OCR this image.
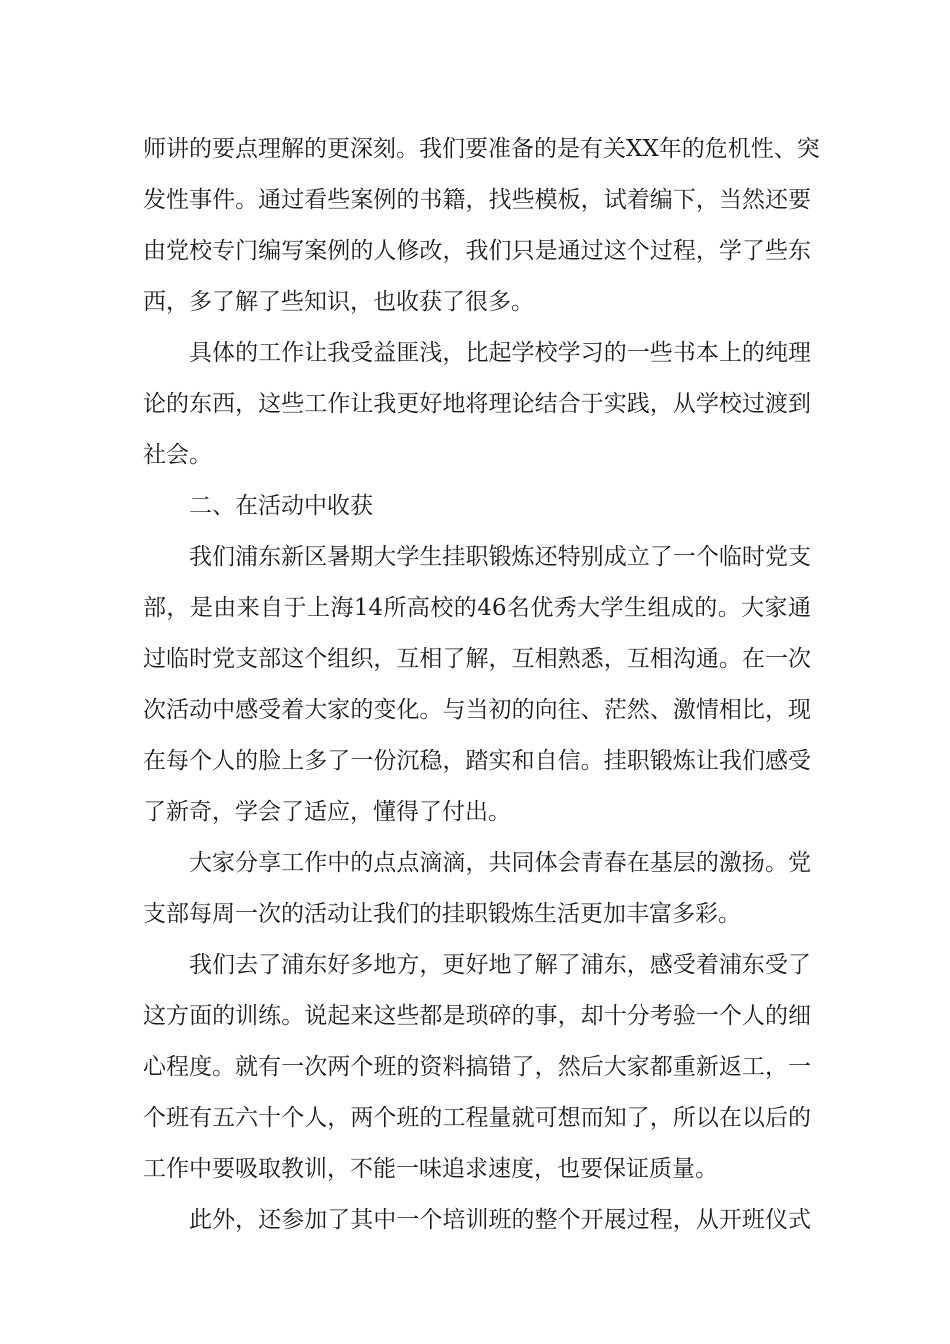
师讲的要点理解的更深刻。我们要准备的是有关XX年的危机性、突
发性事件。通过看些案例的书籍，找些模板，试着编下，当然还要
由党校专门编写案例的人修改，我们只是通过这个过程，学了些东
西，多了解了些知识，也收获了很多。
具体的工作让我受益匪浅，比起学校学习的一些书本上的纯理
论的东西，这些工作让我更好地将理论结合于实践，从学校过渡到
社会。
二、在活动中收获
我们浦东新区暑期大学生挂职锻炼还特别成立了一个临时党支
部，是由来自于上海14所高校的46名优秀大学生组成的。大家通
过临时党支部这个组织，互相了解，互相熟悉，互相沟通。在一次
次活动中感受着大家的变化。与当初的向往、茫然、激情相比，现
在每个人的脸上多了一份沉稳，踏实和自信。挂职锻炼让我们感受
了新奇，学会了适应，懂得了付出。
大家分享工作中的点点滴滴，共同体会青春在基层的激扬。党
支部每周一次的活动让我们的挂职锻炼生活更加丰富多彩。
我们去了浦东好多地方，更好地了解了浦东，感受着浦东受了
这方面的训练。说起来这些都是琐碎的事，却十分考验一个人的细
心程度。就有一次两个班的资料搞错了，然后大家都重新返工，一
个班有五六十个人，两个班的工程量就可想而知了，所以在以后的
工作中要吸取教训，不能一味追求速度，也要保证质量。
此外，还参加了其中一个培训班的整个开展过程，从开班仪式
